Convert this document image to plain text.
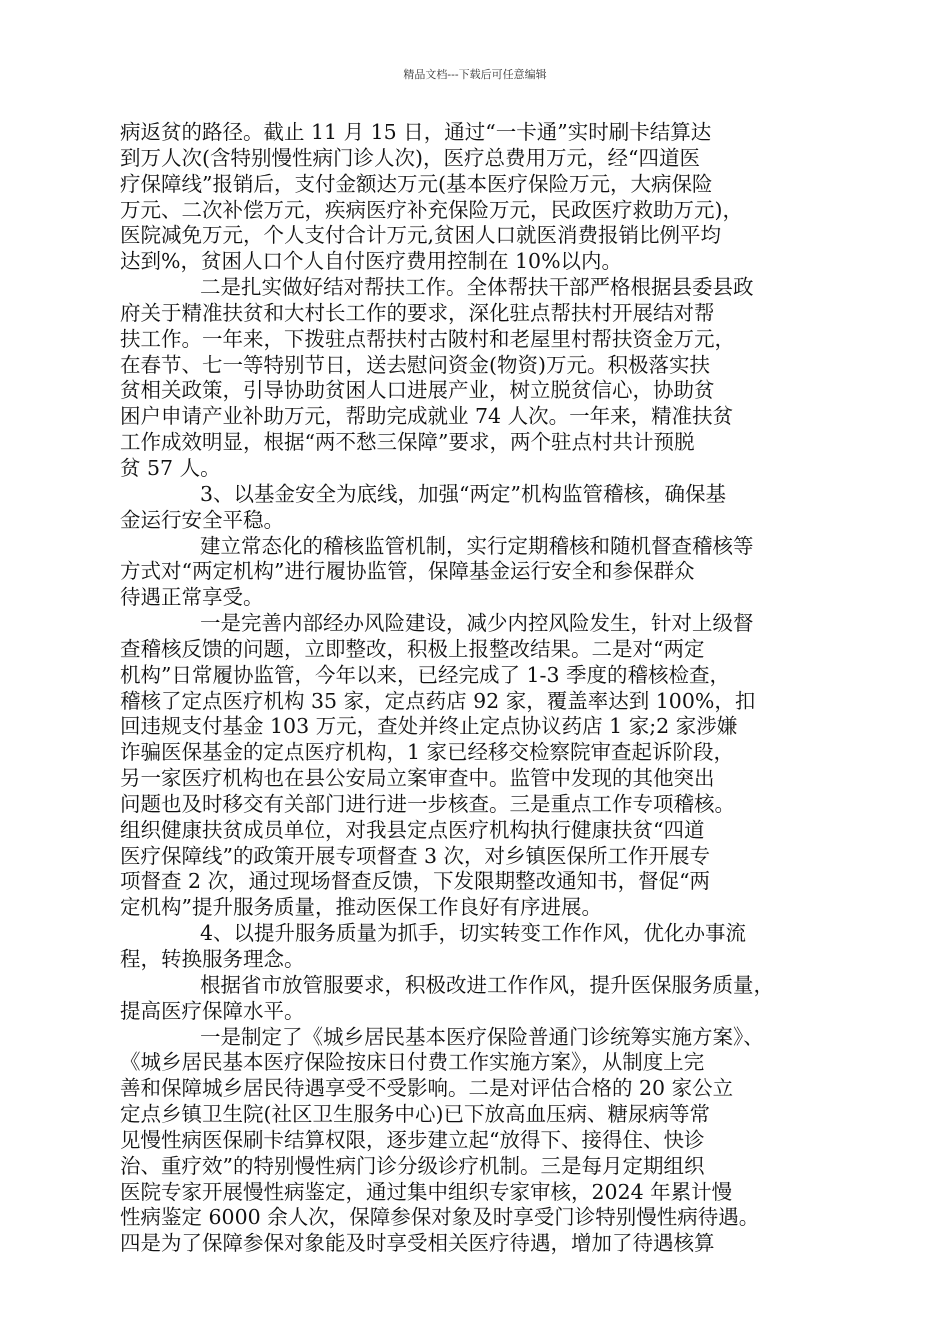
精品文档---下载后可任意编辑
病返贫的路径。截止 11 月 15 日，通过“一卡通”实时刷卡结算达
到万人次(含特别慢性病门诊人次)，医疗总费用万元，经“四道医
疗保障线”报销后，支付金额达万元(基本医疗保险万元，大病保险
万元、二次补偿万元，疾病医疗补充保险万元，民政医疗救助万元)，
医院减免万元，个人支付合计万元,贫困人口就医消费报销比例平均
达到%，贫困人口个人自付医疗费用控制在 10%以内。
二是扎实做好结对帮扶工作。全体帮扶干部严格根据县委县政
府关于精准扶贫和大村长工作的要求，深化驻点帮扶村开展结对帮
扶工作。一年来，下拨驻点帮扶村古陂村和老屋里村帮扶资金万元，
在春节、七一等特别节日，送去慰问资金(物资)万元。积极落实扶
贫相关政策，引导协助贫困人口进展产业，树立脱贫信心，协助贫
困户申请产业补助万元，帮助完成就业 74 人次。一年来，精准扶贫
工作成效明显，根据“两不愁三保障”要求，两个驻点村共计预脱
贫 57 人。
3、以基金安全为底线，加强“两定”机构监管稽核，确保基
金运行安全平稳。
建立常态化的稽核监管机制，实行定期稽核和随机督查稽核等
方式对“两定机构”进行履协监管，保障基金运行安全和参保群众
待遇正常享受。
一是完善内部经办风险建设，减少内控风险发生，针对上级督
查稽核反馈的问题，立即整改，积极上报整改结果。二是对“两定
机构”日常履协监管，今年以来，已经完成了 1-3 季度的稽核检查，
稽核了定点医疗机构 35 家，定点药店 92 家，覆盖率达到 100%，扣
回违规支付基金 103 万元，查处并终止定点协议药店 1 家;2 家涉嫌
诈骗医保基金的定点医疗机构，1 家已经移交检察院审查起诉阶段，
另一家医疗机构也在县公安局立案审查中。监管中发现的其他突出
问题也及时移交有关部门进行进一步核查。三是重点工作专项稽核。
组织健康扶贫成员单位，对我县定点医疗机构执行健康扶贫“四道
医疗保障线”的政策开展专项督查 3 次，对乡镇医保所工作开展专
项督查 2 次，通过现场督查反馈，下发限期整改通知书，督促“两
定机构”提升服务质量，推动医保工作良好有序进展。
4、以提升服务质量为抓手，切实转变工作作风，优化办事流
程，转换服务理念。
根据省市放管服要求，积极改进工作作风，提升医保服务质量，
提高医疗保障水平。
一是制定了《城乡居民基本医疗保险普通门诊统筹实施方案》、
《城乡居民基本医疗保险按床日付费工作实施方案》，从制度上完
善和保障城乡居民待遇享受不受影响。二是对评估合格的 20 家公立
定点乡镇卫生院(社区卫生服务中心)已下放高血压病、糖尿病等常
见慢性病医保刷卡结算权限，逐步建立起“放得下、接得住、快诊
治、重疗效”的特别慢性病门诊分级诊疗机制。三是每月定期组织
医院专家开展慢性病鉴定，通过集中组织专家审核，2024 年累计慢
性病鉴定 6000 余人次，保障参保对象及时享受门诊特别慢性病待遇。
四是为了保障参保对象能及时享受相关医疗待遇，增加了待遇核算
